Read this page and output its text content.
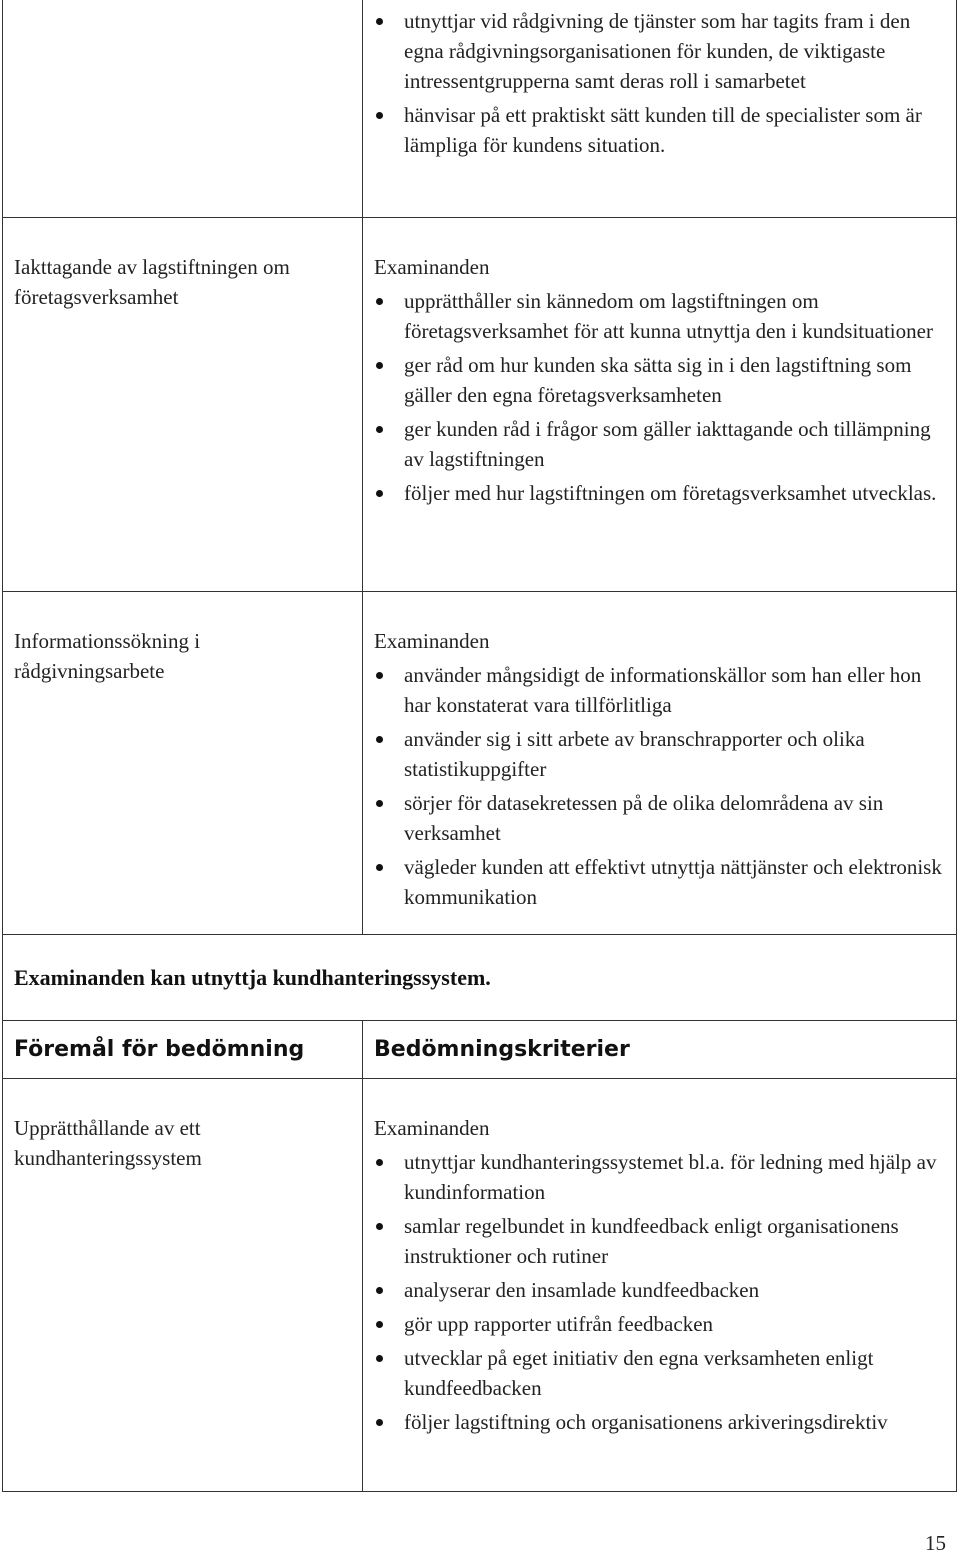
utnyttjar vid rådgivning de tjänster som har tagits fram i den egna rådgivningsorganisationen för kunden, de viktigaste intressentgrupperna samt deras roll i samarbetet
hänvisar på ett praktiskt sätt kunden till de specialister som är lämpliga för kundens situation.
Iakttagande av lagstiftningen om företagsverksamhet
Examinanden
upprätthåller sin kännedom om lagstiftningen om företagsverksamhet för att kunna utnyttja den i kundsituationer
ger råd om hur kunden ska sätta sig in i den lagstiftning som gäller den egna företagsverksamheten
ger kunden råd i frågor som gäller iakttagande och tillämpning av lagstiftningen
följer med hur lagstiftningen om företagsverksamhet utvecklas.
Informationssökning i rådgivningsarbete
Examinanden
använder mångsidigt de informationskällor som han eller hon har konstaterat vara tillförlitliga
använder sig i sitt arbete av branschrapporter och olika statistikuppgifter
sörjer för datasekretessen på de olika delområdena av sin verksamhet
vägleder kunden att effektivt utnyttja nättjänster och elektronisk kommunikation
Examinanden kan utnyttja kundhanteringssystem.
Föremål för bedömning	Bedömningskriterier
Upprätthållande av ett kundhanteringssystem
Examinanden
utnyttjar kundhanteringssystemet bl.a. för ledning med hjälp av kundinformation
samlar regelbundet in kundfeedback enligt organisationens instruktioner och rutiner
analyserar den insamlade kundfeedbacken
gör upp rapporter utifrån feedbacken
utvecklar på eget initiativ den egna verksamheten enligt kundfeedbacken
följer lagstiftning och organisationens arkiveringsdirektiv
15
